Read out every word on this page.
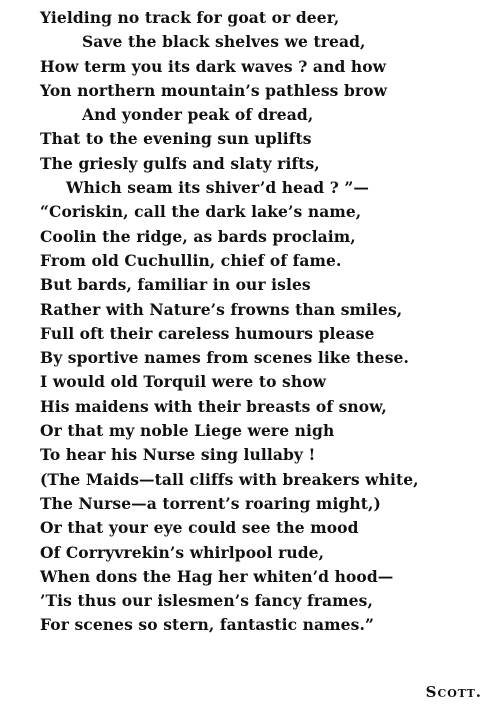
Yielding no track for goat or deer,
Save the black shelves we tread,
How term you its dark waves ? and how
Yon northern mountain’s pathless brow
And yonder peak of dread,
That to the evening sun uplifts
The griesly gulfs and slaty rifts,
Which seam its shiver’d head ? ”—
“Coriskin, call the dark lake’s name,
Coolin the ridge, as bards proclaim,
From old Cuchullin, chief of fame.
But bards, familiar in our isles
Rather with Nature’s frowns than smiles,
Full oft their careless humours please
By sportive names from scenes like these.
I would old Torquil were to show
His maidens with their breasts of snow,
Or that my noble Liege were nigh
To hear his Nurse sing lullaby !
(The Maids—tall cliffs with breakers white,
The Nurse—a torrent’s roaring might,)
Or that your eye could see the mood
Of Corryvrekin’s whirlpool rude,
When dons the Hag her whiten’d hood—
’Tis thus our islesmen’s fancy frames,
For scenes so stern, fantastic names.”
Scott.
